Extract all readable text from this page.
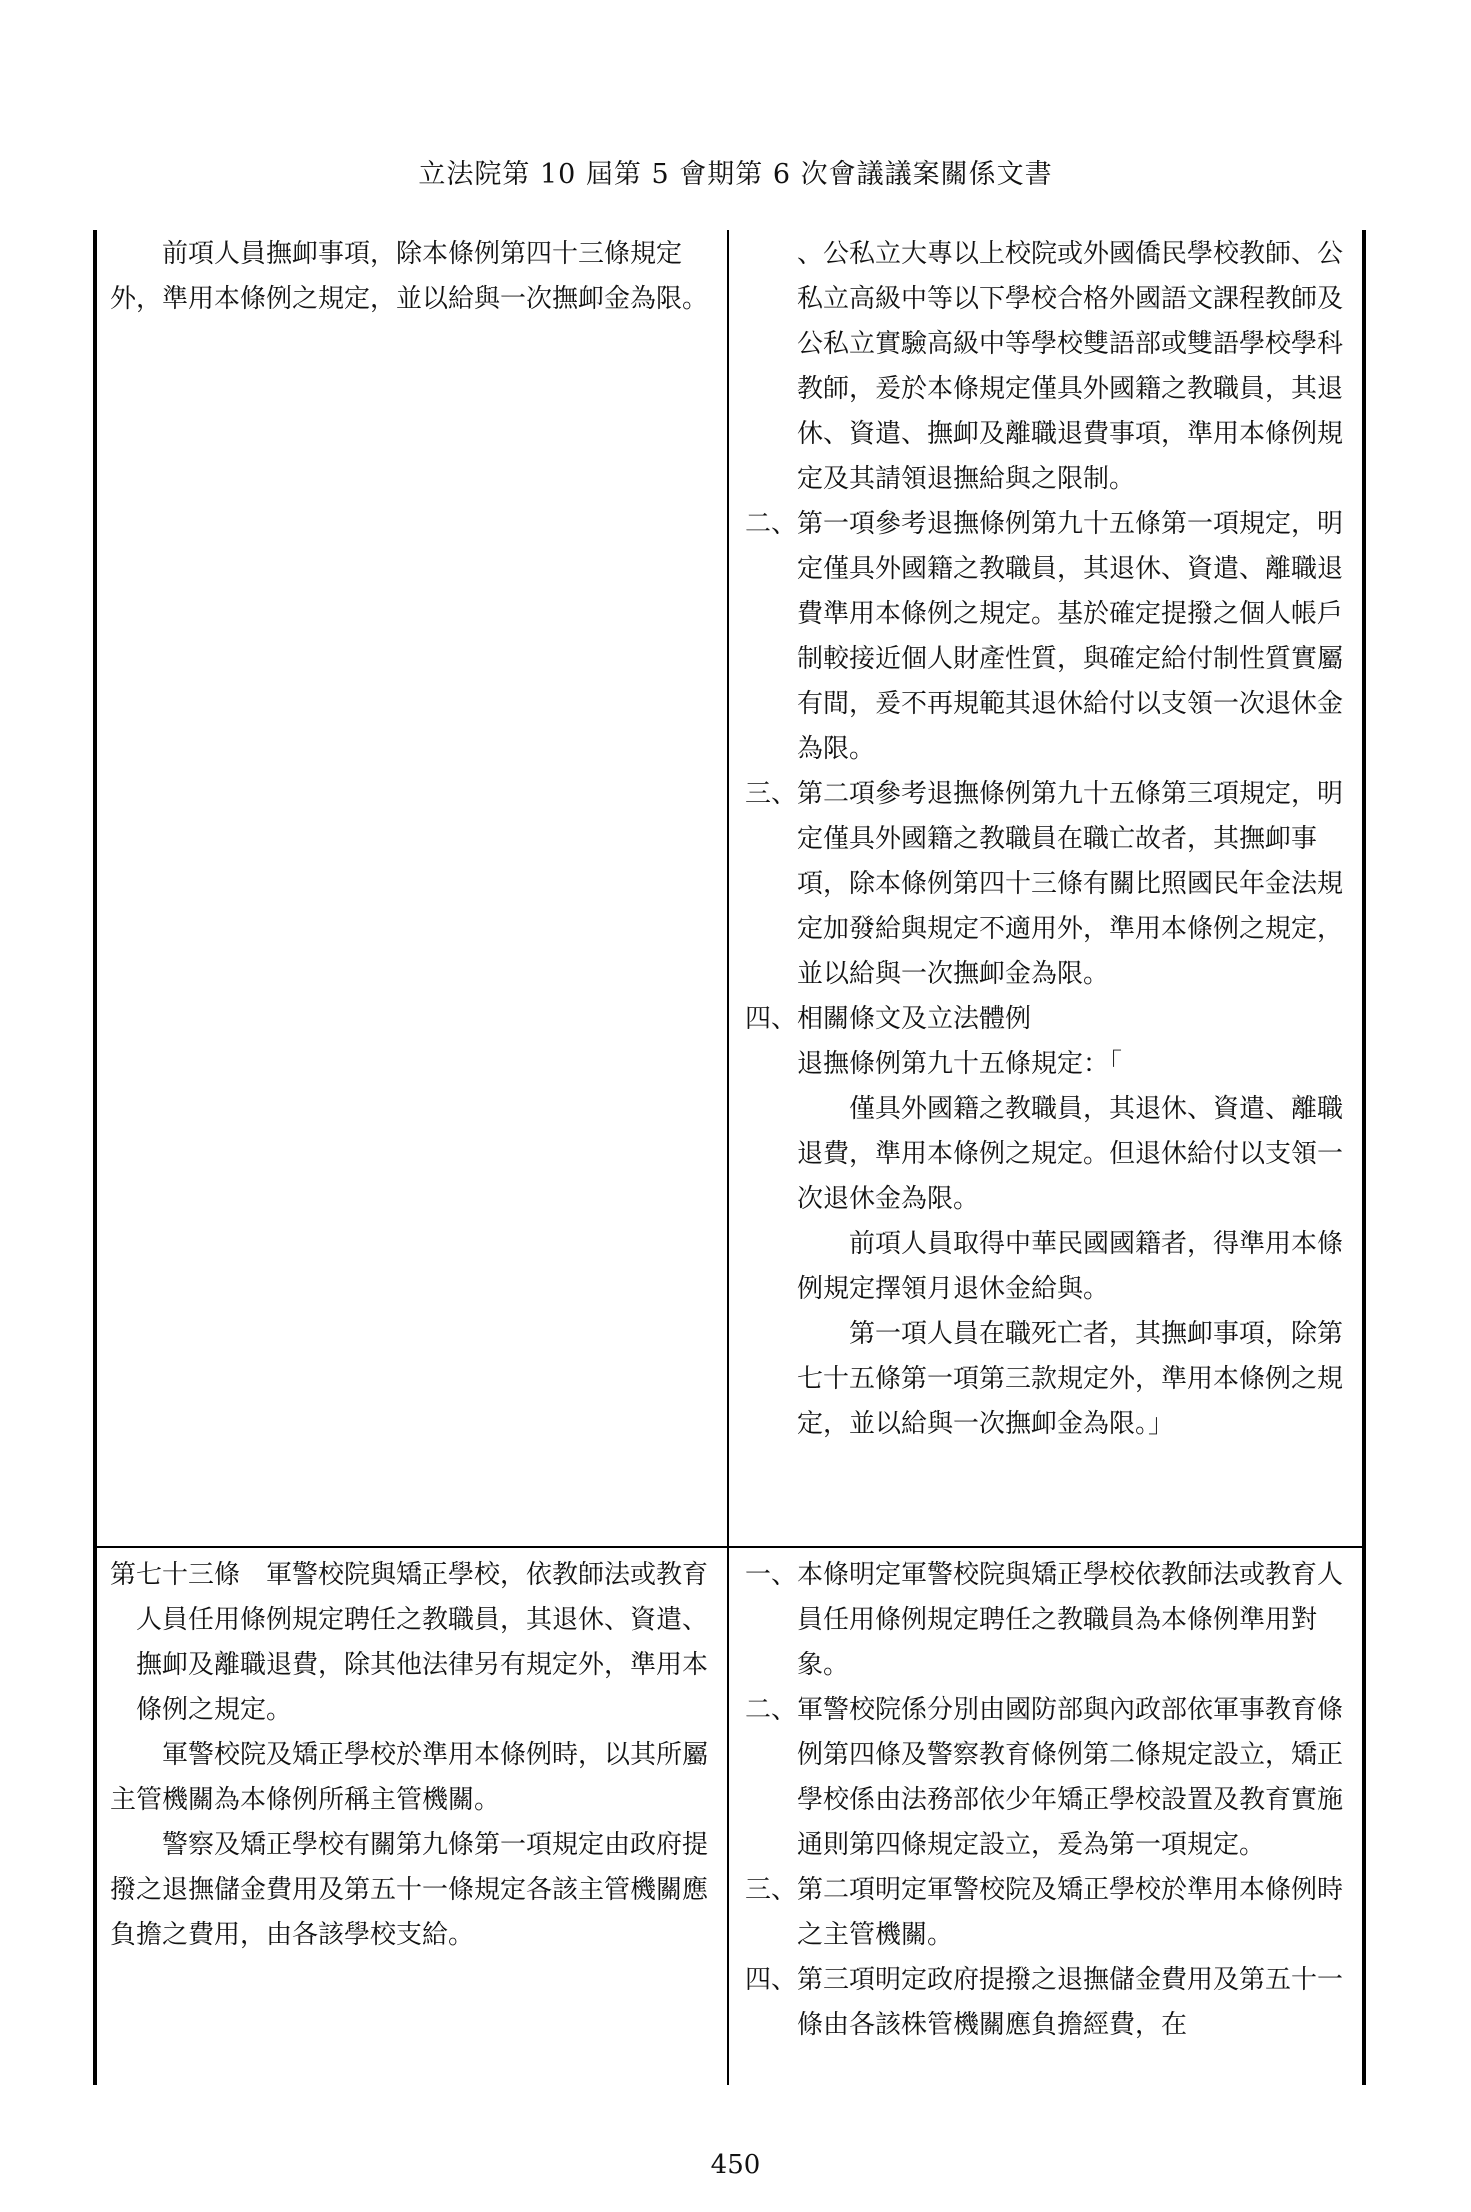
立法院第 10 屆第 5 會期第 6 次會議議案關係文書

前項人員撫卹事項，除本條例第四十三條規定外，準用本條例之規定，並以給與一次撫卹金為限。

、公私立大專以上校院或外國僑民學校教師、公私立高級中等以下學校合格外國語文課程教師及公私立實驗高級中等學校雙語部或雙語學校學科教師，爰於本條規定僅具外國籍之教職員，其退休、資遣、撫卹及離職退費事項，準用本條例規定及其請領退撫給與之限制。

二、第一項參考退撫條例第九十五條第一項規定，明定僅具外國籍之教職員，其退休、資遣、離職退費準用本條例之規定。基於確定提撥之個人帳戶制較接近個人財產性質，與確定給付制性質實屬有間，爰不再規範其退休給付以支領一次退休金為限。

三、第二項參考退撫條例第九十五條第三項規定，明定僅具外國籍之教職員在職亡故者，其撫卹事項，除本條例第四十三條有關比照國民年金法規定加發給與規定不適用外，準用本條例之規定，並以給與一次撫卹金為限。

四、相關條文及立法體例

退撫條例第九十五條規定：「

僅具外國籍之教職員，其退休、資遣、離職退費，準用本條例之規定。但退休給付以支領一次退休金為限。

前項人員取得中華民國國籍者，得準用本條例規定擇領月退休金給與。

第一項人員在職死亡者，其撫卹事項，除第七十五條第一項第三款規定外，準用本條例之規定，並以給與一次撫卹金為限。」

第七十三條　軍警校院與矯正學校，依教師法或教育人員任用條例規定聘任之教職員，其退休、資遣、撫卹及離職退費，除其他法律另有規定外，準用本條例之規定。

軍警校院及矯正學校於準用本條例時，以其所屬主管機關為本條例所稱主管機關。

警察及矯正學校有關第九條第一項規定由政府提撥之退撫儲金費用及第五十一條規定各該主管機關應負擔之費用，由各該學校支給。

一、本條明定軍警校院與矯正學校依教師法或教育人員任用條例規定聘任之教職員為本條例準用對象。

二、軍警校院係分別由國防部與內政部依軍事教育條例第四條及警察教育條例第二條規定設立，矯正學校係由法務部依少年矯正學校設置及教育實施通則第四條規定設立，爰為第一項規定。

三、第二項明定軍警校院及矯正學校於準用本條例時之主管機關。

四、第三項明定政府提撥之退撫儲金費用及第五十一條由各該株管機關應負擔經費，在

450
